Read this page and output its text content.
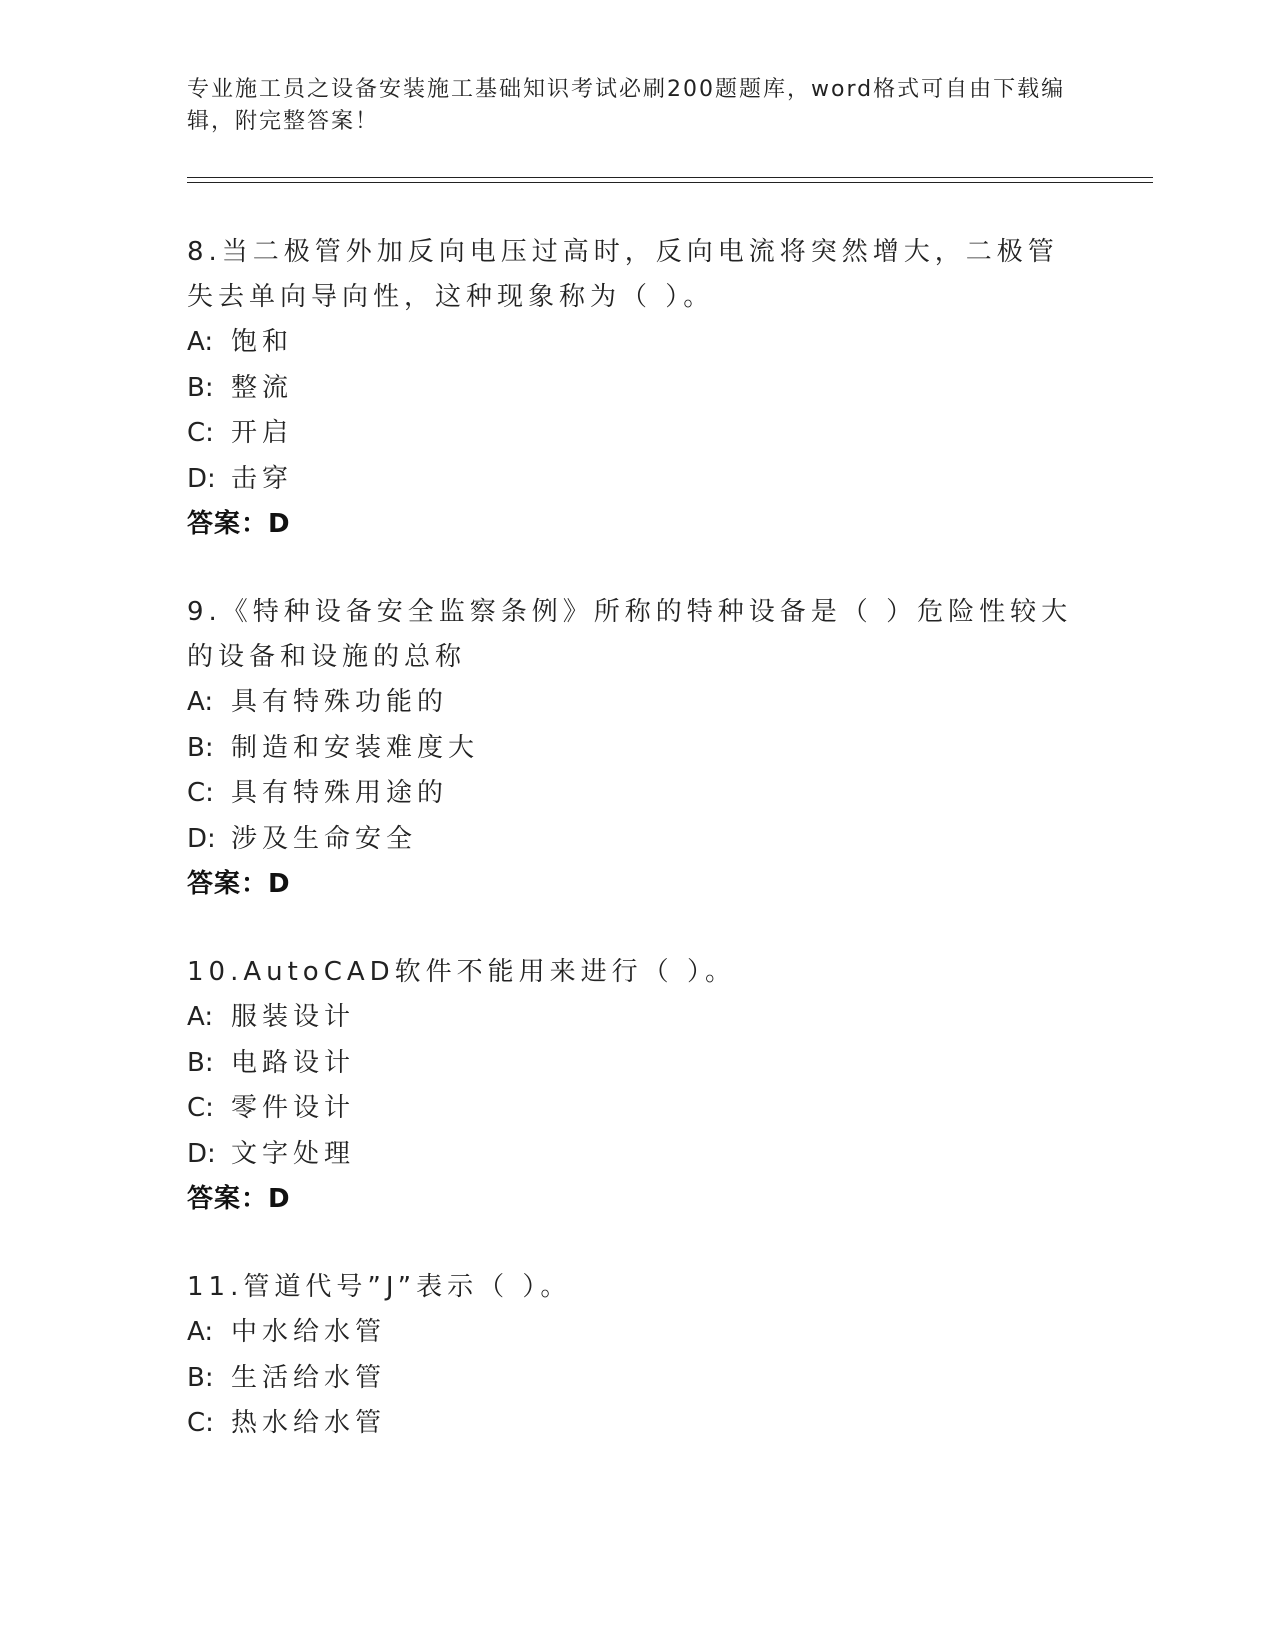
专业施工员之设备安装施工基础知识考试必刷200题题库，word格式可自由下载编辑，附完整答案！
8.当二极管外加反向电压过高时，反向电流将突然增大，二极管失去单向导向性，这种现象称为（ ）。
A: 饱和
B: 整流
C: 开启
D: 击穿
答案：D
9.《特种设备安全监察条例》所称的特种设备是（ ）危险性较大的设备和设施的总称
A: 具有特殊功能的
B: 制造和安装难度大
C: 具有特殊用途的
D: 涉及生命安全
答案：D
10.AutoCAD软件不能用来进行（ ）。
A: 服装设计
B: 电路设计
C: 零件设计
D: 文字处理
答案：D
11.管道代号”J”表示（ ）。
A: 中水给水管
B: 生活给水管
C: 热水给水管
